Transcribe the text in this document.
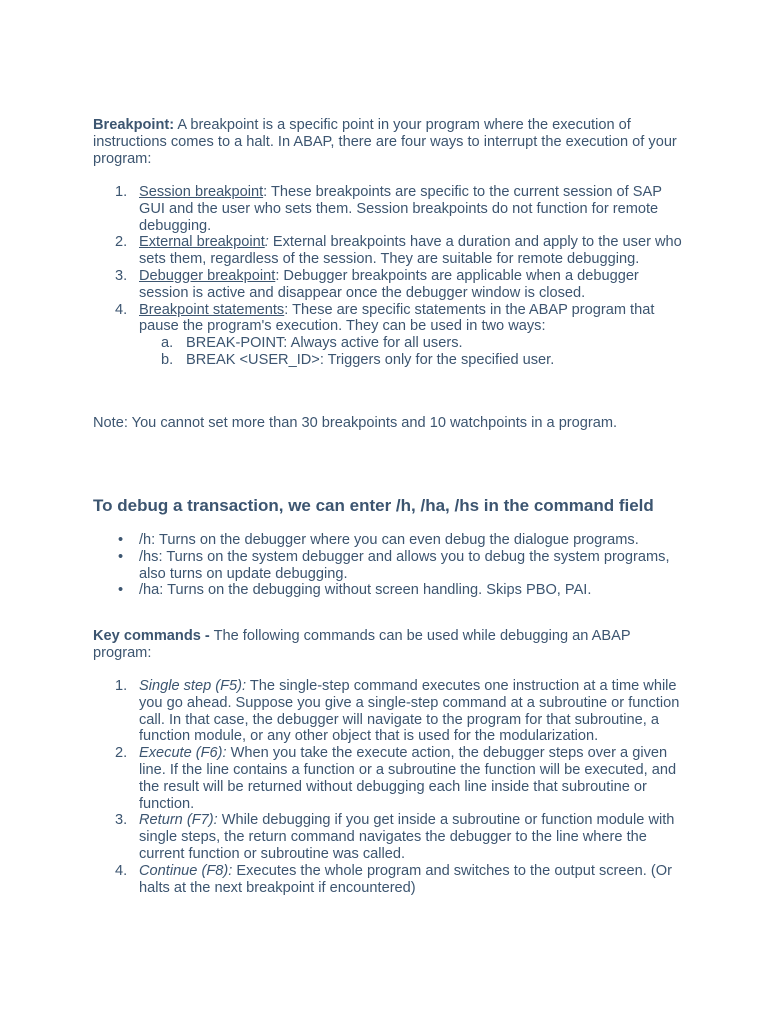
Breakpoint: A breakpoint is a specific point in your program where the execution of instructions comes to a halt. In ABAP, there are four ways to interrupt the execution of your program:

1. Session breakpoint: These breakpoints are specific to the current session of SAP GUI and the user who sets them. Session breakpoints do not function for remote debugging.
2. External breakpoint: External breakpoints have a duration and apply to the user who sets them, regardless of the session. They are suitable for remote debugging.
3. Debugger breakpoint: Debugger breakpoints are applicable when a debugger session is active and disappear once the debugger window is closed.
4. Breakpoint statements: These are specific statements in the ABAP program that pause the program's execution. They can be used in two ways:
a. BREAK-POINT: Always active for all users.
b. BREAK <USER_ID>: Triggers only for the specified user.

Note: You cannot set more than 30 breakpoints and 10 watchpoints in a program.

To debug a transaction, we can enter /h, /ha, /hs in the command field
• /h: Turns on the debugger where you can even debug the dialogue programs.
• /hs: Turns on the system debugger and allows you to debug the system programs, also turns on update debugging.
• /ha: Turns on the debugging without screen handling. Skips PBO, PAI.

Key commands - The following commands can be used while debugging an ABAP program:

1. Single step (F5): The single-step command executes one instruction at a time while you go ahead. Suppose you give a single-step command at a subroutine or function call. In that case, the debugger will navigate to the program for that subroutine, a function module, or any other object that is used for the modularization.
2. Execute (F6): When you take the execute action, the debugger steps over a given line. If the line contains a function or a subroutine the function will be executed, and the result will be returned without debugging each line inside that subroutine or function.
3. Return (F7): While debugging if you get inside a subroutine or function module with single steps, the return command navigates the debugger to the line where the current function or subroutine was called.
4. Continue (F8): Executes the whole program and switches to the output screen. (Or halts at the next breakpoint if encountered)
